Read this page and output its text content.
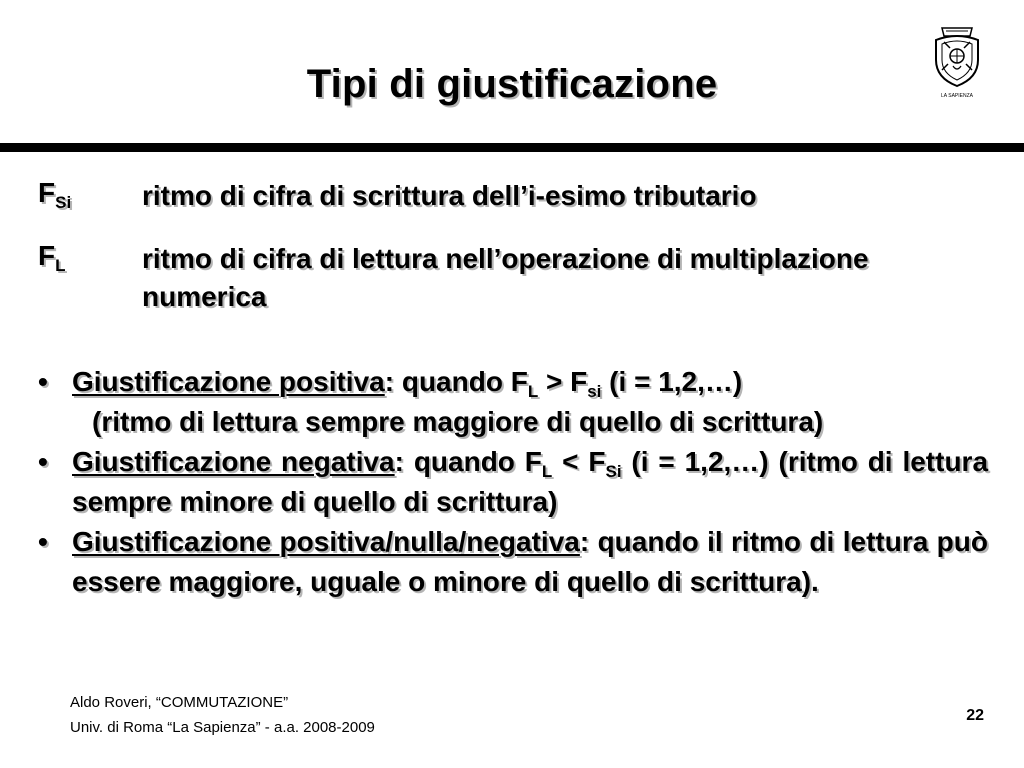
Tipi di giustificazione	LA SAPIENZA
$F_{Si}$	ritmo di cifra di scrittura dell’i-esimo tributario
$F_L$	ritmo di cifra di lettura nell’operazione di multiplazione numerica
• Giustificazione positiva: quando $F_L > F_{si}$ (i = 1,2,…)
(ritmo di lettura sempre maggiore di quello di scrittura)
• Giustificazione negativa: quando $F_L < F_{Si}$ (i = 1,2,…) (ritmo di lettura sempre minore di quello di scrittura)
• Giustificazione positiva/nulla/negativa: quando il ritmo di lettura può essere maggiore, uguale o minore di quello di scrittura).
Aldo Roveri, “COMMUTAZIONE”
Univ. di Roma “La Sapienza” - a.a. 2008-2009
22
